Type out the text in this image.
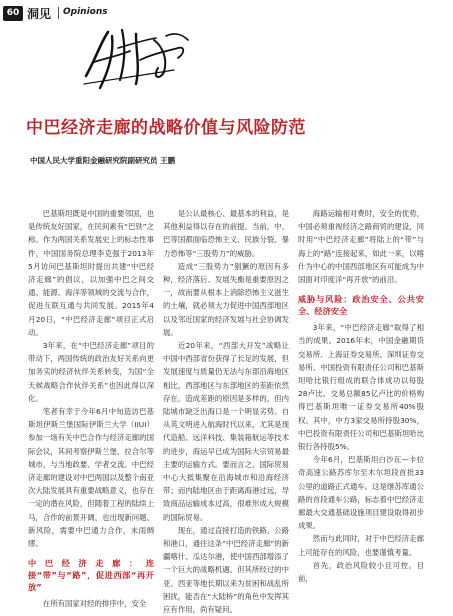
60 洞见 Opinions
中巴经济走廊的战略价值与风险防范
中国人民大学重阳金融研究院副研究员 王鹏

巴基斯坦既是中国的重要邻国，也是传统友好国家，在民间素有“巴铁”之称。作为两国关系发展史上的标志性事件，中国国务院总理李克强于2013年5月访问巴基斯坦时提出共建“中巴经济走廊”的倡议，以加强中巴之间交通、能源、海洋等领域的交流与合作，促进互联互通与共同发展。2015年4月20日，“中巴经济走廊”项目正式启动。

3年来，在“中巴经济走廊”项目的带动下，两国传统的政治友好关系向更加务实的经济伙伴关系转变，为国“全天候战略合作伙伴关系”也因此得以深化。

笔者有幸于今年6月中旬造访巴基斯坦伊斯兰堡国际伊斯兰大学（IIUI）参加一场有关中巴合作与经济走廊的国际会议，其间考察伊斯兰堡、拉合尔等城市，与当地政要、学者交流。中巴经济走廊的建设对中巴两国以及整个南亚次大陆发展具有重要战略意义，也存在一定的潜在风险，但随着工程的陆续上马，合作的前景开阔，也出现新问题、新风险，需要中巴通力合作，未雨绸缪。

中巴经济走廊：连接“带”与“路”，促进西部“再开放”

在所有国家对经的排序中，安全

是公认最核心、最基本的利益，是其他利益得以存在的前提。当前，中、巴等国都面临恐怖主义、民族分裂、暴力恐怖等“三股势力”的威胁。

造成“三股势力”猖獗的原因有多种，经济落后、发展失衡是重要原因之一，故而要从根本上消除恐怖主义滋生的土壤，就必须大力促进中国西部地区以及邻近国家的经济发展与社会协调发展。

近20年来，“西部大开发”战略让中国中西部省份获得了长足的发展，但发展速度与质量仍无法与东部沿海地区相比，西部地区与东部地区的差距依然存在。造成差距的原因是多样的，但内陆城市缺乏出海口是一个明显劣势。自从英文明进入航海时代以来，尤其是现代造船、远洋科技、集装箱航运等技术的进步，海运早已成为国际大宗贸易最主要的运输方式。要而言之，国际贸易中心大抵集聚在沿海城市和沿海经济带；而内陆地区由于距离海港过远，导致商品运输成本过高，很难形成大规模的国际贸易。

现在，通过直接打造的铁路、公路和港口，通往这条“中巴经济走廊”的新疆喀什、瓜达尔港，使中国西部增添了一个巨大的战略机遇。但其所经过的中亚、西亚等地长期以来为贫困和战乱所困扰，能否在“大陆桥”的角色中发挥其应有作用，尚有疑问。

海路运输相对费时，安全的优势，中国必须重视经济之路商贸的建设，同时用“中巴经济走廊”将陆上的“带”与海上的“路”连接起来，如此一来，以喀什为中心的中国西部地区有可能成为中国面对印度洋“再开放”的前沿。

威胁与风险：政治安全、公共安全、经济安全

3年来，“中巴经济走廊”取得了相当的成果。2016年末，中国金融期货交易所、上海证券交易所、深圳证券交易所、中国投资有限责任公司和巴基斯坦哈比银行组成的联合体成功以每股28卢比、交易总额85亿卢比的价格购得巴基斯坦唯一证券交易所40%股权。其中，中方3家交易所持股30%，中巴投资有限责任公司和巴基斯坦哈比银行各持股5%。

今年6月，巴基斯坦白沙瓦—卡拉奇高速公路苏库尔至木尔坦段首批33公里的道路正式通车。这是继苏库通公路的首段通车公路，标志着中巴经济走廊最大交通基础设施项目建设取得初步成果。

然而与此同时，对于中巴经济走廊上可能存在的风险，也要谨慎考量。

首先，政治风险较小且可控。目前，
